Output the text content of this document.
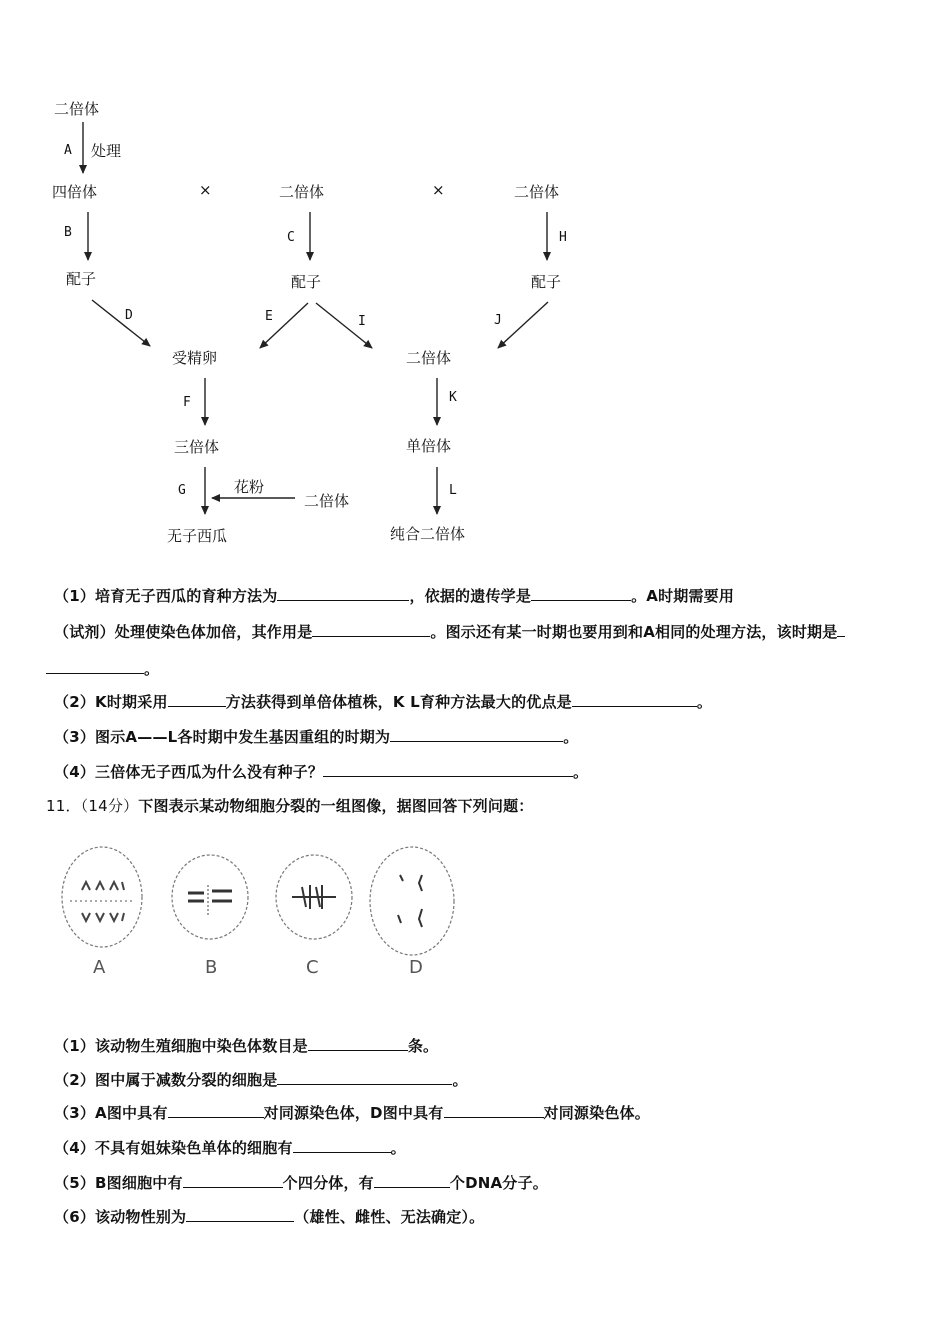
二倍体
处理
四倍体	×	二倍体	×	二倍体
配子	配子	配子
受精卵	二倍体
三倍体	单倍体
花粉
二倍体
无子西瓜	纯合二倍体
A
B	C
D	E
F
G
H
I	J
K
L
（1）培育无子西瓜的育种方法为	，依据的遗传学是	。A时期需要用
（试剂）处理使染色体加倍，其作用是	。图示还有某一时期也要用到和A相同的处理方法，该时期是
。
（2）K时期采用	方法获得到单倍体植株，K L育种方法最大的优点是	。
（3）图示A——L各时期中发生基因重组的时期为	。
（4）三倍体无子西瓜为什么没有种子？	。
11．（14分）下图表示某动物细胞分裂的一组图像，据图回答下列问题：
A	B	C	D
（1）该动物生殖细胞中染色体数目是	条。
（2）图中属于减数分裂的细胞是	。
（3）A图中具有	对同源染色体，D图中具有	对同源染色体。
（4）不具有姐妹染色单体的细胞有	。
（5）B图细胞中有	个四分体，有	个DNA分子。
（6）该动物性别为	（雄性、雌性、无法确定）。
